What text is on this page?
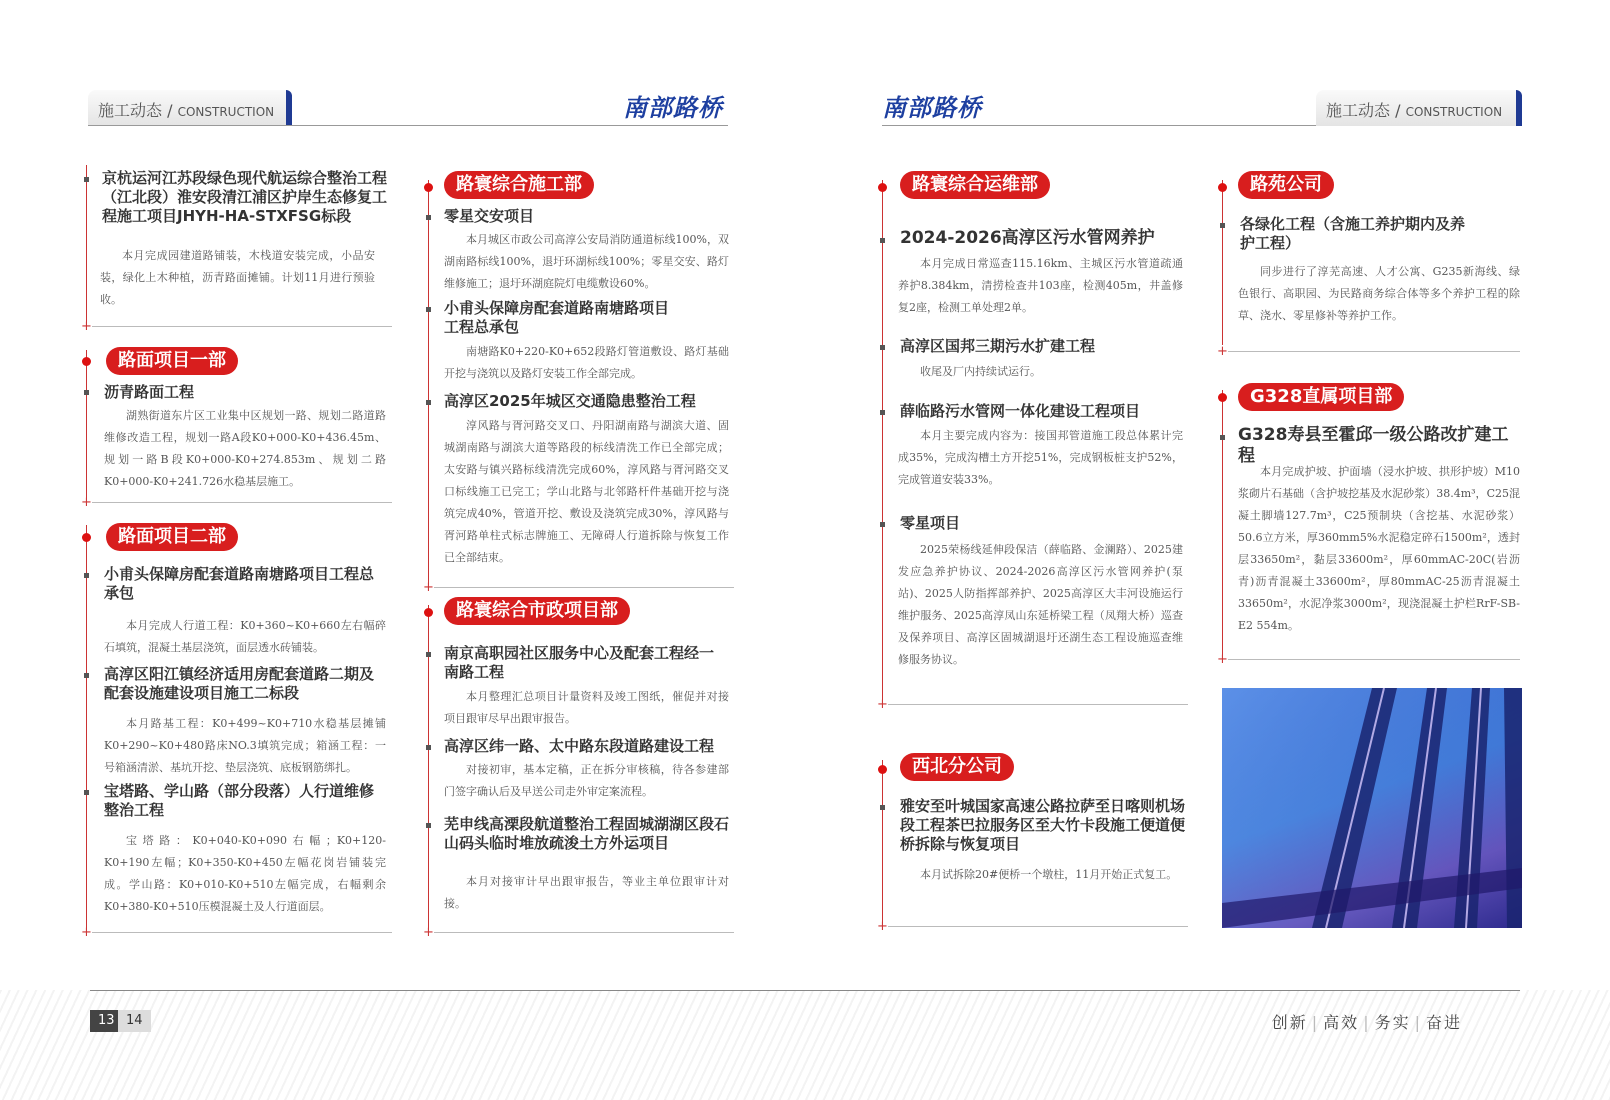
施工动态 / CONSTRUCTION	南部路桥
京杭运河江苏段绿色现代航运综合整治工程（江北段）淮安段清江浦区护岸生态修复工程施工项目JHYH-HA-STXFSG标段
本月完成园建道路铺装，木栈道安装完成，小品安装，绿化上木种植，沥青路面摊铺。计划11月进行预验收。
+
路面项目一部
沥青路面工程
湖熟街道东片区工业集中区规划一路、规划二路道路维修改造工程，规划一路A段K0+000-K0+436.45m、规划一路B段K0+000-K0+274.853m、规划二路K0+000-K0+241.726水稳基层施工。
+
路面项目二部
小甫头保障房配套道路南塘路项目工程总承包
本月完成人行道工程：K0+360~K0+660左右幅碎石填筑，混凝土基层浇筑，面层透水砖铺装。
高淳区阳江镇经济适用房配套道路二期及配套设施建设项目施工二标段
本月路基工程：K0+499~K0+710水稳基层摊铺K0+290~K0+480路床NO.3填筑完成；箱涵工程：一号箱涵清淤、基坑开挖、垫层浇筑、底板钢筋绑扎。
宝塔路、学山路（部分段落）人行道维修整治工程
宝塔路：K0+040-K0+090右幅；K0+120-K0+190左幅；K0+350-K0+450左幅花岗岩铺装完成。学山路：K0+010-K0+510左幅完成，右幅剩余K0+380-K0+510压模混凝土及人行道面层。
+
路寰综合施工部
零星交安项目
本月城区市政公司高淳公安局消防通道标线100%，双湖南路标线100%，退圩环湖标线100%；零星交安、路灯维修施工；退圩环湖庭院灯电缆敷设60%。
小甫头保障房配套道路南塘路项目工程总承包
南塘路K0+220-K0+652段路灯管道敷设、路灯基础开挖与浇筑以及路灯安装工作全部完成。
高淳区2025年城区交通隐患整治工程
淳风路与胥河路交叉口、丹阳湖南路与湖滨大道、固城湖南路与湖滨大道等路段的标线清洗工作已全部完成；太安路与镇兴路标线清洗完成60%，淳风路与胥河路交叉口标线施工已完工；学山北路与北邻路杆件基础开挖与浇筑完成40%，管道开挖、敷设及浇筑完成30%，淳风路与胥河路单柱式标志牌施工、无障碍人行道拆除与恢复工作已全部结束。
+
路寰综合市政项目部
南京高职园社区服务中心及配套工程经一南路工程
本月整理汇总项目计量资料及竣工图纸，催促并对接项目跟审尽早出跟审报告。
高淳区纬一路、太中路东段道路建设工程
对接初审，基本定稿，正在拆分审核稿，待各参建部门签字确认后及早送公司走外审定案流程。
芜申线高溧段航道整治工程固城湖湖区段石山码头临时堆放疏浚土方外运项目
本月对接审计早出跟审报告，等业主单位跟审计对接。
+
南部路桥	施工动态 / CONSTRUCTION
路寰综合运维部
2024-2026高淳区污水管网养护
本月完成日常巡查115.16km、主城区污水管道疏通养护8.384km，清捞检查井103座，检测405m，井盖修复2座，检测工单处理2单。
高淳区国邦三期污水扩建工程
收尾及厂内持续试运行。
薛临路污水管网一体化建设工程项目
本月主要完成内容为：接国邦管道施工段总体累计完成35%，完成沟槽土方开挖51%，完成钢板桩支护52%，完成管道安装33%。
零星项目
2025荣杨线延伸段保洁（薛临路、金澜路）、2025建发应急养护协议、2024-2026高淳区污水管网养护(泵站)、2025人防指挥部养护、2025高淳区大丰河设施运行维护服务、2025高淳凤山东延桥梁工程（凤翔大桥）巡查及保养项目、高淳区固城湖退圩还湖生态工程设施巡查维修服务协议。
+
西北分公司
雅安至叶城国家高速公路拉萨至日喀则机场段工程茶巴拉服务区至大竹卡段施工便道便桥拆除与恢复项目
本月试拆除20#便桥一个墩柱，11月开始正式复工。
+
路苑公司
各绿化工程（含施工养护期内及养护工程）
同步进行了淳芜高速、人才公寓、G235新海线、绿色银行、高职园、为民路商务综合体等多个养护工程的除草、浇水、零星修补等养护工作。
+
G328直属项目部
G328寿县至霍邱一级公路改扩建工程
本月完成护坡、护面墙（浸水护坡、拱形护坡）M10浆砌片石基础（含护坡挖基及水泥砂浆）38.4m³，C25混凝土脚墙127.7m³，C25预制块（含挖基、水泥砂浆）50.6立方米，厚360mm5%水泥稳定碎石1500m²，透封层33650m²，黏层33600m²，厚60mmAC-20C(岩沥青)沥青混凝土33600m²，厚80mmAC-25沥青混凝土33650m²，水泥净浆3000m²，现浇混凝土护栏RrF-SB-E2 554m。
+
13 14	创新 | 高效 | 务实 | 奋进
